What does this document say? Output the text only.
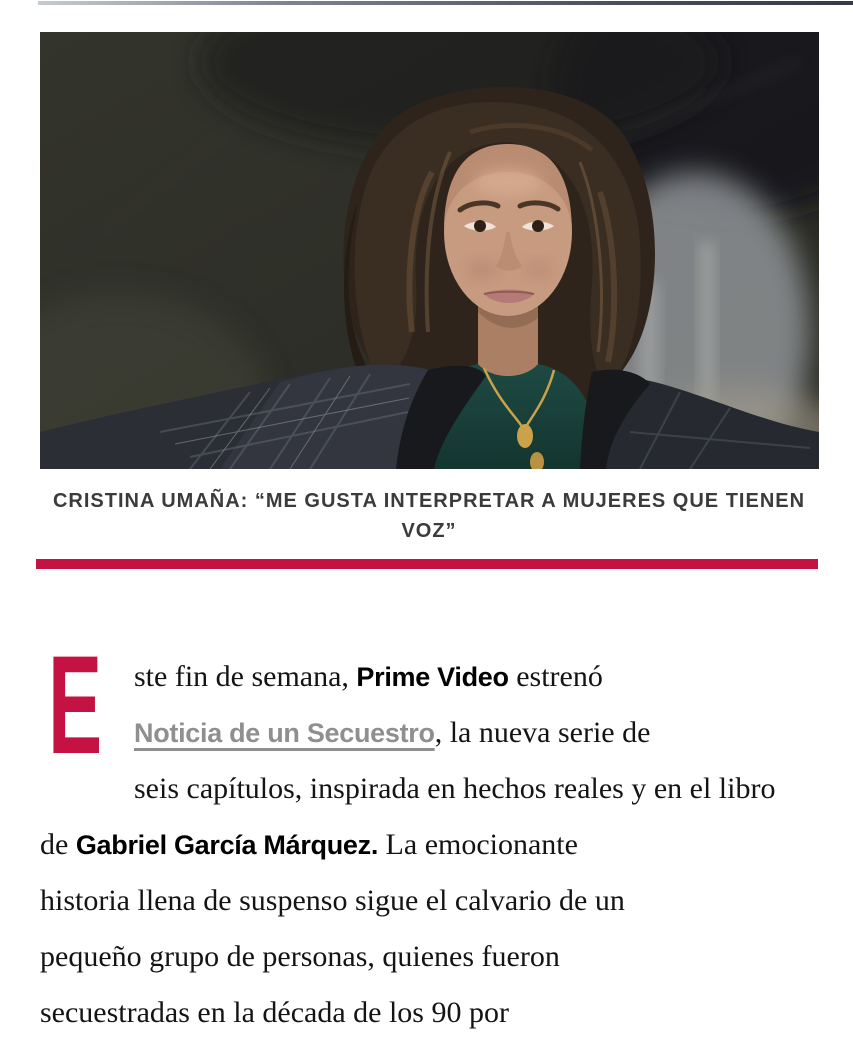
CRISTINA UMAÑA: “ME GUSTA INTERPRETAR A MUJERES QUE TIENEN VOZ”

E ste fin de semana, Prime Video estrenó
Noticia de un Secuestro, la nueva serie de
seis capítulos, inspirada en hechos reales y en el libro
de Gabriel García Márquez. La emocionante
historia llena de suspenso sigue el calvario de un
pequeño grupo de personas, quienes fueron
secuestradas en la década de los 90 por
